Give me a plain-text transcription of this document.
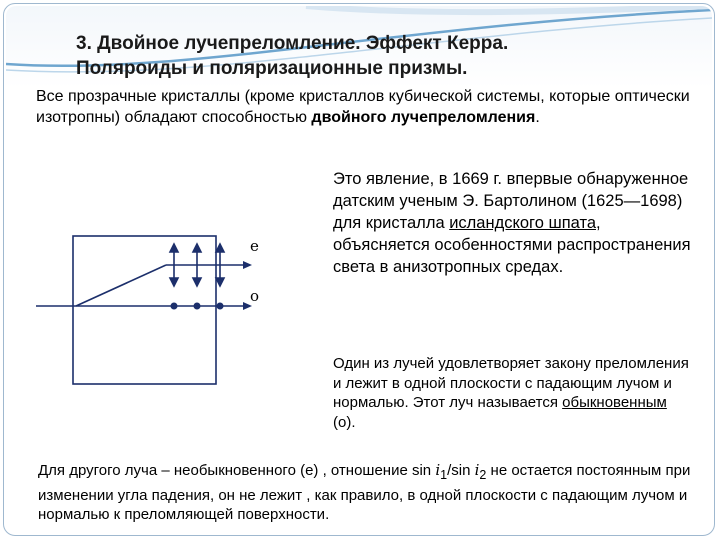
3. Двойное лучепреломление. Эффект Керра.
Поляроиды и поляризационные призмы.

Все прозрачные кристаллы (кроме кристаллов кубической системы, которые оптически изотропны) обладают способностью двойного лучепреломления.

e
o

Это явление, в 1669 г. впервые обнаруженное датским ученым Э. Бартолином (1625—1698) для кристалла исландского шпата, объясняется особенностями распространения света в анизотропных средах.

Один из лучей удовлетворяет закону преломления и лежит в одной плоскости с падающим лучом и нормалью. Этот луч называется обыкновенным (о).

Для другого луча – необыкновенного (е) , отношение $\sin i_1/\sin$ $i_2$ не остается постоянным при изменении угла падения, он не лежит , как правило, в одной плоскости с падающим лучом и нормалью к преломляющей поверхности.
